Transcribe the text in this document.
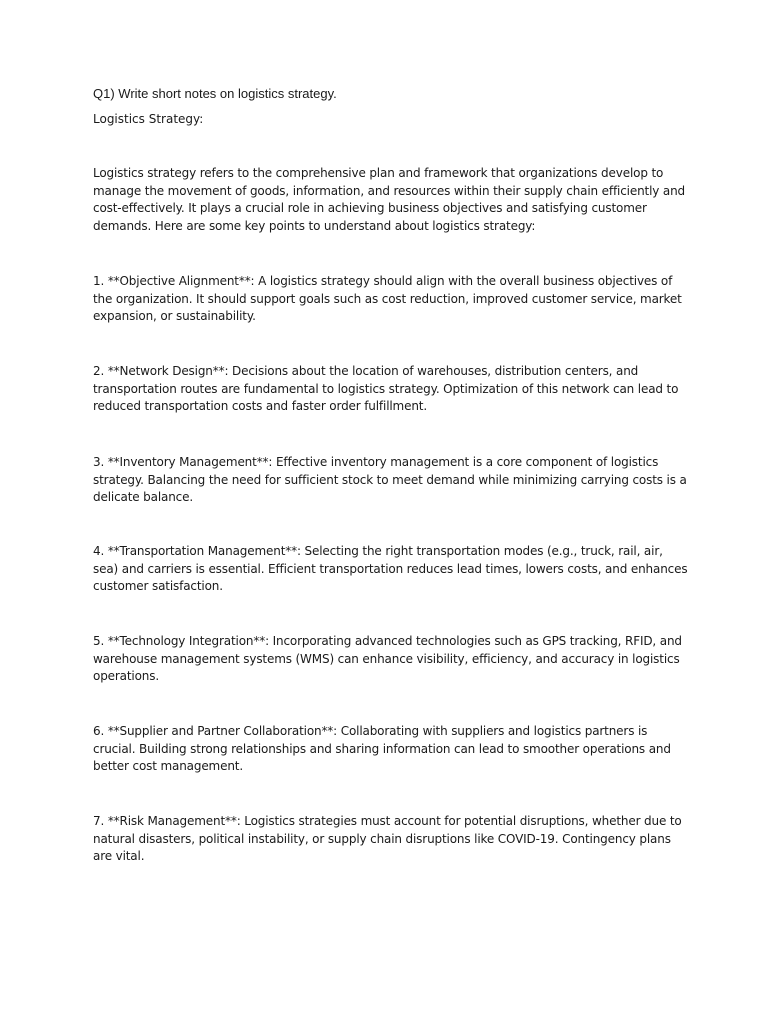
Q1) Write short notes on logistics strategy.
Logistics Strategy:

Logistics strategy refers to the comprehensive plan and framework that organizations develop to
manage the movement of goods, information, and resources within their supply chain efficiently and
cost-effectively. It plays a crucial role in achieving business objectives and satisfying customer
demands. Here are some key points to understand about logistics strategy:

1. **Objective Alignment**: A logistics strategy should align with the overall business objectives of
the organization. It should support goals such as cost reduction, improved customer service, market
expansion, or sustainability.

2. **Network Design**: Decisions about the location of warehouses, distribution centers, and
transportation routes are fundamental to logistics strategy. Optimization of this network can lead to
reduced transportation costs and faster order fulfillment.

3. **Inventory Management**: Effective inventory management is a core component of logistics
strategy. Balancing the need for sufficient stock to meet demand while minimizing carrying costs is a
delicate balance.

4. **Transportation Management**: Selecting the right transportation modes (e.g., truck, rail, air,
sea) and carriers is essential. Efficient transportation reduces lead times, lowers costs, and enhances
customer satisfaction.

5. **Technology Integration**: Incorporating advanced technologies such as GPS tracking, RFID, and
warehouse management systems (WMS) can enhance visibility, efficiency, and accuracy in logistics
operations.

6. **Supplier and Partner Collaboration**: Collaborating with suppliers and logistics partners is
crucial. Building strong relationships and sharing information can lead to smoother operations and
better cost management.

7. **Risk Management**: Logistics strategies must account for potential disruptions, whether due to
natural disasters, political instability, or supply chain disruptions like COVID-19. Contingency plans
are vital.
